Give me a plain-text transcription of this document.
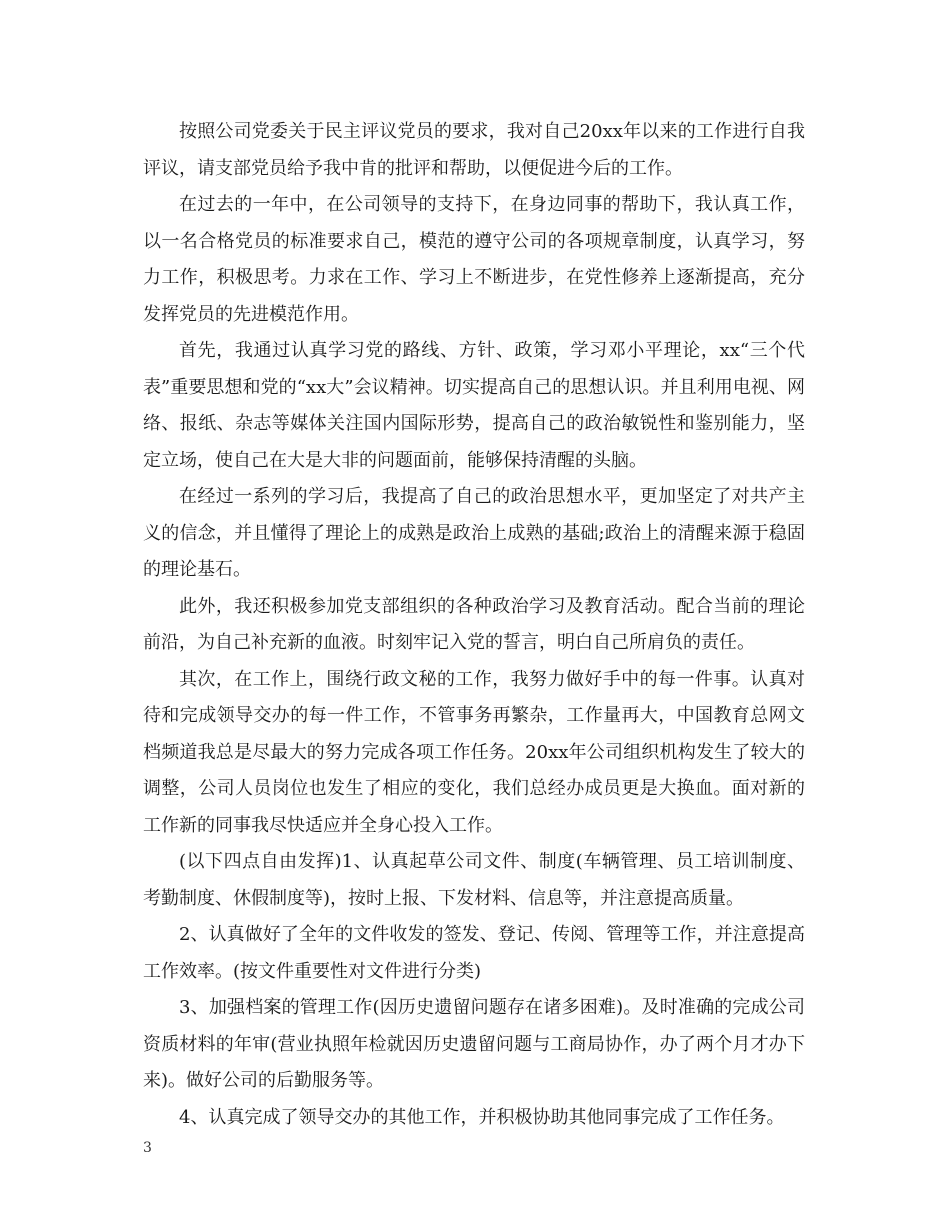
按照公司党委关于民主评议党员的要求，我对自己20xx年以来的工作进行自我评议，请支部党员给予我中肯的批评和帮助，以便促进今后的工作。

在过去的一年中，在公司领导的支持下，在身边同事的帮助下，我认真工作，以一名合格党员的标准要求自己，模范的遵守公司的各项规章制度，认真学习，努力工作，积极思考。力求在工作、学习上不断进步，在党性修养上逐渐提高，充分发挥党员的先进模范作用。

首先，我通过认真学习党的路线、方针、政策，学习邓小平理论，xx“三个代表”重要思想和党的“xx大”会议精神。切实提高自己的思想认识。并且利用电视、网络、报纸、杂志等媒体关注国内国际形势，提高自己的政治敏锐性和鉴别能力，坚定立场，使自己在大是大非的问题面前，能够保持清醒的头脑。

在经过一系列的学习后，我提高了自己的政治思想水平，更加坚定了对共产主义的信念，并且懂得了理论上的成熟是政治上成熟的基础;政治上的清醒来源于稳固的理论基石。

此外，我还积极参加党支部组织的各种政治学习及教育活动。配合当前的理论前沿，为自己补充新的血液。时刻牢记入党的誓言，明白自己所肩负的责任。

其次，在工作上，围绕行政文秘的工作，我努力做好手中的每一件事。认真对待和完成领导交办的每一件工作，不管事务再繁杂，工作量再大，中国教育总网文档频道我总是尽最大的努力完成各项工作任务。20xx年公司组织机构发生了较大的调整，公司人员岗位也发生了相应的变化，我们总经办成员更是大换血。面对新的工作新的同事我尽快适应并全身心投入工作。

(以下四点自由发挥)1、认真起草公司文件、制度(车辆管理、员工培训制度、考勤制度、休假制度等)，按时上报、下发材料、信息等，并注意提高质量。

2、认真做好了全年的文件收发的签发、登记、传阅、管理等工作，并注意提高工作效率。(按文件重要性对文件进行分类)

3、加强档案的管理工作(因历史遗留问题存在诸多困难)。及时准确的完成公司资质材料的年审(营业执照年检就因历史遗留问题与工商局协作，办了两个月才办下来)。做好公司的后勤服务等。

4、认真完成了领导交办的其他工作，并积极协助其他同事完成了工作任务。

3
